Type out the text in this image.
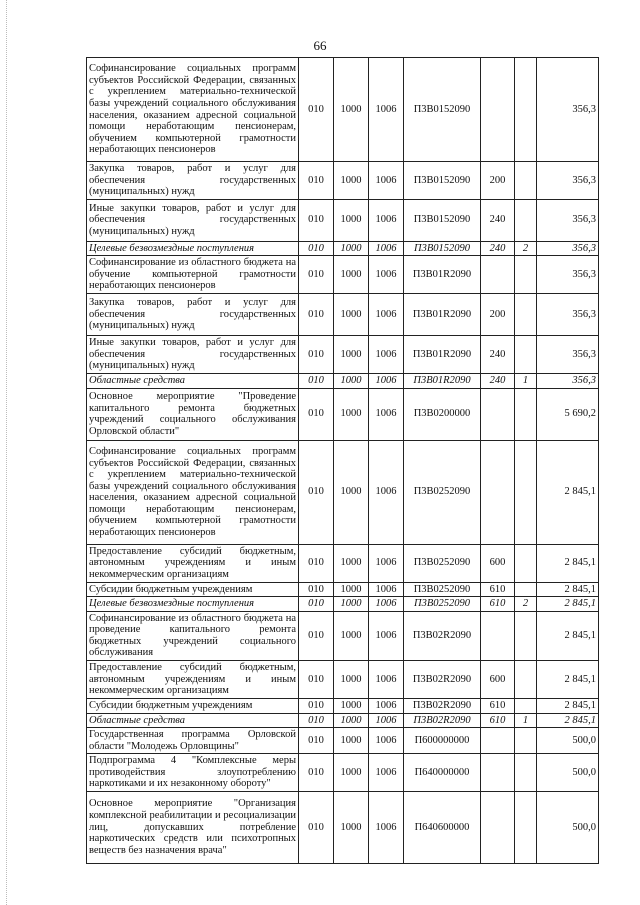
66
Софинансирование социальных программ субъектов Российской Федерации, связанных с укреплением материально-технической базы учреждений социального обслуживания населения, оказанием адресной социальной помощи неработающим пенсионерам, обучением компьютерной грамотности неработающих пенсионеров	010	1000	1006	П3В0152090			356,3
Закупка товаров, работ и услуг для обеспечения государственных (муниципальных) нужд	010	1000	1006	П3В0152090	200		356,3
Иные закупки товаров, работ и услуг для обеспечения государственных (муниципальных) нужд	010	1000	1006	П3В0152090	240		356,3
Целевые безвозмездные поступления	010	1000	1006	П3В0152090	240	2	356,3
Софинансирование из областного бюджета на обучение компьютерной грамотности неработающих пенсионеров	010	1000	1006	П3В01R2090			356,3
Закупка товаров, работ и услуг для обеспечения государственных (муниципальных) нужд	010	1000	1006	П3В01R2090	200		356,3
Иные закупки товаров, работ и услуг для обеспечения государственных (муниципальных) нужд	010	1000	1006	П3В01R2090	240		356,3
Областные средства	010	1000	1006	П3В01R2090	240	1	356,3
Основное мероприятие "Проведение капитального ремонта бюджетных учреждений социального обслуживания Орловской области"	010	1000	1006	П3В0200000			5 690,2
Софинансирование социальных программ субъектов Российской Федерации, связанных с укреплением материально-технической базы учреждений социального обслуживания населения, оказанием адресной социальной помощи неработающим пенсионерам, обучением компьютерной грамотности неработающих пенсионеров	010	1000	1006	П3В0252090			2 845,1
Предоставление субсидий бюджетным, автономным учреждениям и иным некоммерческим организациям	010	1000	1006	П3В0252090	600		2 845,1
Субсидии бюджетным учреждениям	010	1000	1006	П3В0252090	610		2 845,1
Целевые безвозмездные поступления	010	1000	1006	П3В0252090	610	2	2 845,1
Софинансирование из областного бюджета на проведение капитального ремонта бюджетных учреждений социального обслуживания	010	1000	1006	П3В02R2090			2 845,1
Предоставление субсидий бюджетным, автономным учреждениям и иным некоммерческим организациям	010	1000	1006	П3В02R2090	600		2 845,1
Субсидии бюджетным учреждениям	010	1000	1006	П3В02R2090	610		2 845,1
Областные средства	010	1000	1006	П3В02R2090	610	1	2 845,1
Государственная программа Орловской области "Молодежь Орловщины"	010	1000	1006	П600000000			500,0
Подпрограмма 4 "Комплексные меры противодействия злоупотреблению наркотиками и их незаконному обороту"	010	1000	1006	П640000000			500,0
Основное мероприятие "Организация комплексной реабилитации и ресоциализации лиц, допускавших потребление наркотических средств или психотропных веществ без назначения врача"	010	1000	1006	П640600000			500,0
